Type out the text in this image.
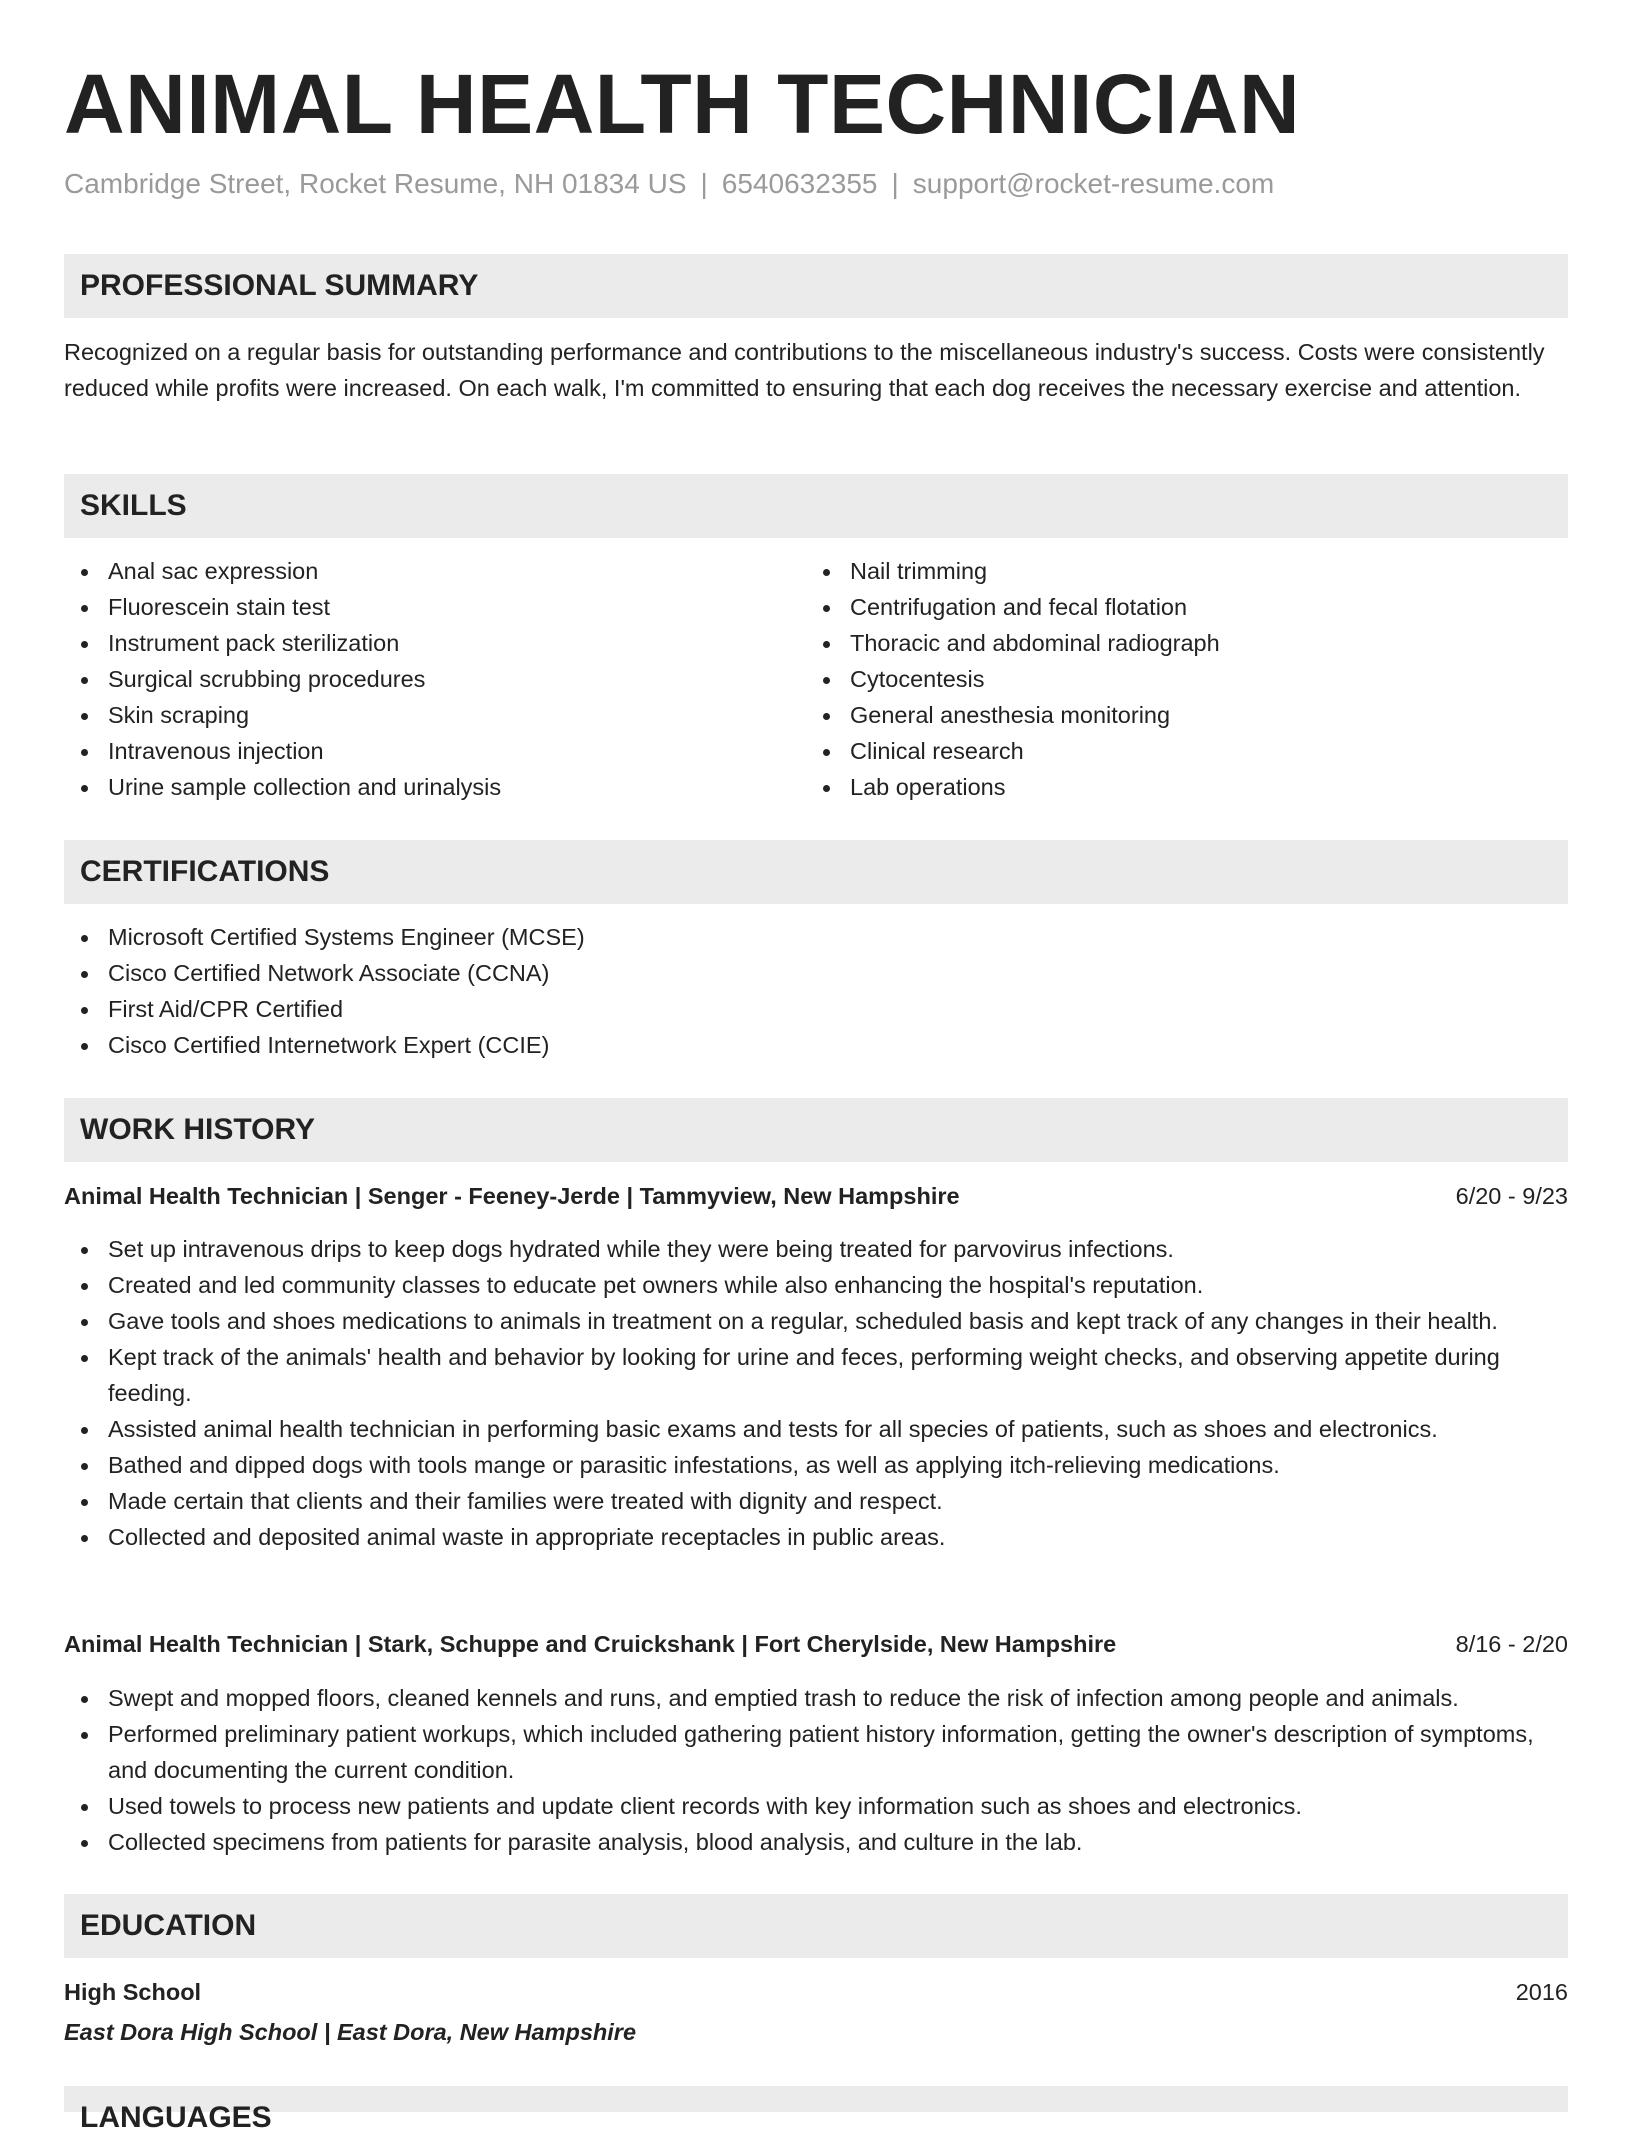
ANIMAL HEALTH TECHNICIAN
Cambridge Street, Rocket Resume, NH 01834 US | 6540632355 | support@rocket-resume.com
PROFESSIONAL SUMMARY

Recognized on a regular basis for outstanding performance and contributions to the miscellaneous industry's success. Costs were consistently reduced while profits were increased. On each walk, I'm committed to ensuring that each dog receives the necessary exercise and attention.

SKILLS
Anal sac expression
Fluorescein stain test
Instrument pack sterilization
Surgical scrubbing procedures
Skin scraping
Intravenous injection
Urine sample collection and urinalysis
Nail trimming
Centrifugation and fecal flotation
Thoracic and abdominal radiograph
Cytocentesis
General anesthesia monitoring
Clinical research
Lab operations
CERTIFICATIONS
Microsoft Certified Systems Engineer (MCSE)
Cisco Certified Network Associate (CCNA)
First Aid/CPR Certified
Cisco Certified Internetwork Expert (CCIE)
WORK HISTORY
Animal Health Technician | Senger - Feeney-Jerde | Tammyview, New Hampshire	6/20 - 9/23
Set up intravenous drips to keep dogs hydrated while they were being treated for parvovirus infections.
Created and led community classes to educate pet owners while also enhancing the hospital's reputation.
Gave tools and shoes medications to animals in treatment on a regular, scheduled basis and kept track of any changes in their health.
Kept track of the animals' health and behavior by looking for urine and feces, performing weight checks, and observing appetite during feeding.
Assisted animal health technician in performing basic exams and tests for all species of patients, such as shoes and electronics.
Bathed and dipped dogs with tools mange or parasitic infestations, as well as applying itch-relieving medications.
Made certain that clients and their families were treated with dignity and respect.
Collected and deposited animal waste in appropriate receptacles in public areas.
Animal Health Technician | Stark, Schuppe and Cruickshank | Fort Cherylside, New Hampshire	8/16 - 2/20
Swept and mopped floors, cleaned kennels and runs, and emptied trash to reduce the risk of infection among people and animals.
Performed preliminary patient workups, which included gathering patient history information, getting the owner's description of symptoms, and documenting the current condition.
Used towels to process new patients and update client records with key information such as shoes and electronics.
Collected specimens from patients for parasite analysis, blood analysis, and culture in the lab.
EDUCATION
High School	2016
East Dora High School | East Dora, New Hampshire
LANGUAGES
